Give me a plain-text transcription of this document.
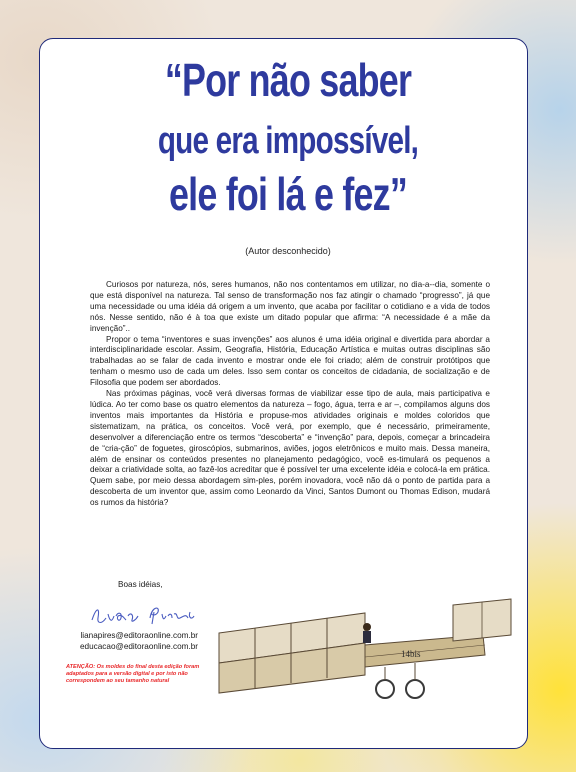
“Por não saber
que era impossível,
ele foi lá e fez”
(Autor desconhecido)

Curiosos por natureza, nós, seres humanos, não nos contentamos em utilizar, no dia-a--dia, somente o que está disponível na natureza. Tal senso de transformação nos faz atingir o chamado “progresso”, já que uma necessidade ou uma idéia dá origem a um invento, que acaba por facilitar o cotidiano e a vida de todos nós. Nesse sentido, não é à toa que existe um ditado popular que afirma: “A necessidade é a mãe da invenção”..

Propor o tema “inventores e suas invenções” aos alunos é uma idéia original e divertida para abordar a interdisciplinaridade escolar. Assim, Geografia, História, Educação Artística e muitas outras disciplinas são trabalhadas ao se falar de cada invento e mostrar onde ele foi criado; além de construir protótipos que tenham o mesmo uso de cada um deles. Isso sem contar os conceitos de cidadania, de socialização e de Filosofia que podem ser abordados.

Nas próximas páginas, você verá diversas formas de viabilizar esse tipo de aula, mais participativa e lúdica. Ao ter como base os quatro elementos da natureza – fogo, água, terra e ar –, compilamos alguns dos inventos mais importantes da História e propuse-mos atividades originais e moldes coloridos que sistematizam, na prática, os conceitos. Você verá, por exemplo, que é necessário, primeiramente, desenvolver a diferenciação entre os termos “descoberta” e “invenção” para, depois, começar a brincadeira de “cria-ção” de foguetes, giroscópios, submarinos, aviões, jogos eletrônicos e muito mais. Dessa maneira, além de ensinar os conteúdos presentes no planejamento pedagógico, você es-timulará os pequenos a deixar a criatividade solta, ao fazê-los acreditar que é possível ter uma excelente idéia e colocá-la em prática. Quem sabe, por meio dessa abordagem sim-ples, porém inovadora, você não dá o ponto de partida para a descoberta de um inventor que, assim como Leonardo da Vinci, Santos Dumont ou Thomas Edison, mudará os rumos da história?

Boas idéias,
lianapires@editoraonline.com.br
educacao@editoraonline.com.br
ATENÇÃO: Os moldes do final desta edição foram adaptados para a versão digital e por isto não correspondem ao seu tamanho natural
14bis
